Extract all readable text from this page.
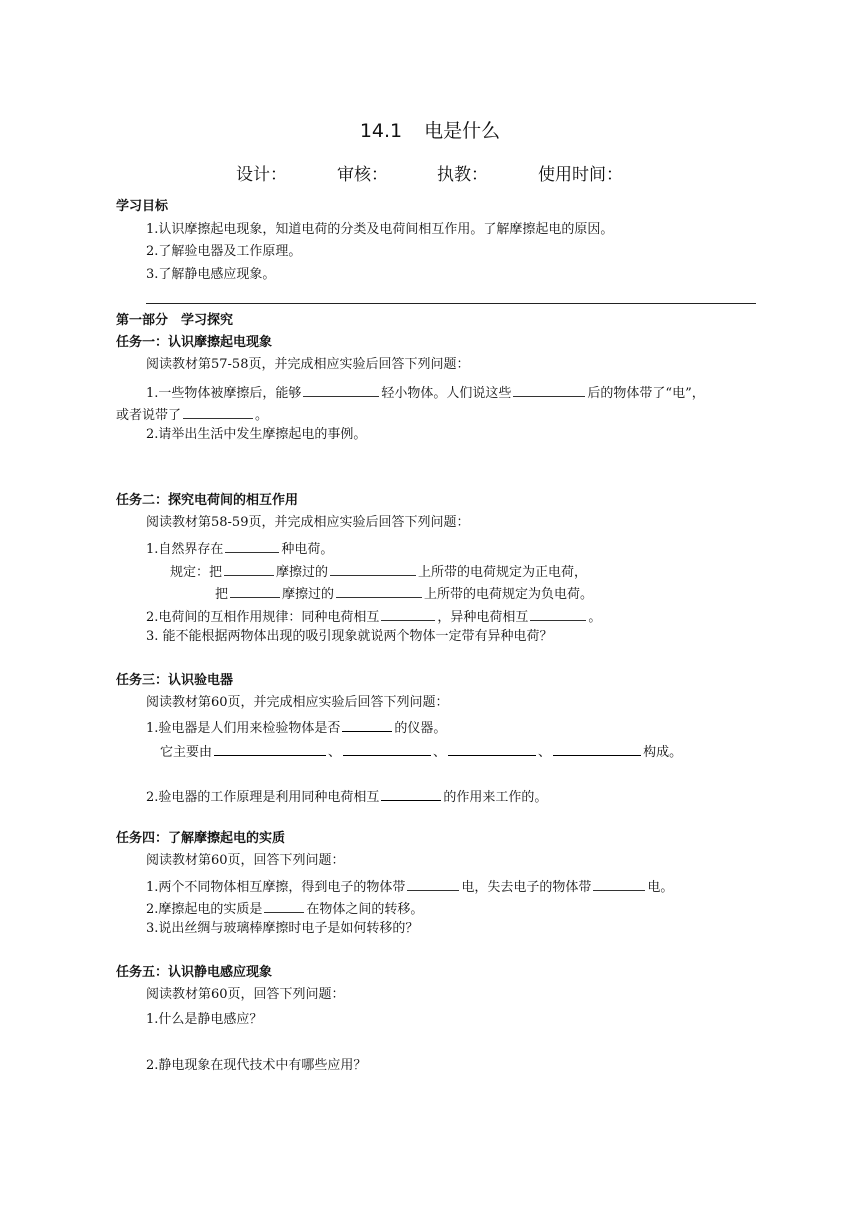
14.1 电是什么
设计：	审核：	执教：	使用时间：
学习目标
1.认识摩擦起电现象，知道电荷的分类及电荷间相互作用。了解摩擦起电的原因。
2.了解验电器及工作原理。
3.了解静电感应现象。
第一部分　学习探究
任务一：认识摩擦起电现象
阅读教材第57-58页，并完成相应实验后回答下列问题：
1.一些物体被摩擦后，能够	轻小物体。人们说这些	后的物体带了“电”，
或者说带了	。
2.请举出生活中发生摩擦起电的事例。
任务二：探究电荷间的相互作用
阅读教材第58-59页，并完成相应实验后回答下列问题：
1.自然界存在	种电荷。
规定：把	摩擦过的	上所带的电荷规定为正电荷，
把	摩擦过的	上所带的电荷规定为负电荷。
2.电荷间的互相作用规律：同种电荷相互	，异种电荷相互	。
3. 能不能根据两物体出现的吸引现象就说两个物体一定带有异种电荷？
任务三：认识验电器
阅读教材第60页，并完成相应实验后回答下列问题：
1.验电器是人们用来检验物体是否	的仪器。
它主要由	、	、	、	构成。
2.验电器的工作原理是利用同种电荷相互	的作用来工作的。
任务四：了解摩擦起电的实质
阅读教材第60页，回答下列问题：
1.两个不同物体相互摩擦，得到电子的物体带	电，失去电子的物体带	电。
2.摩擦起电的实质是	在物体之间的转移。
3.说出丝绸与玻璃棒摩擦时电子是如何转移的？
任务五：认识静电感应现象
阅读教材第60页，回答下列问题：
1.什么是静电感应？
2.静电现象在现代技术中有哪些应用？
